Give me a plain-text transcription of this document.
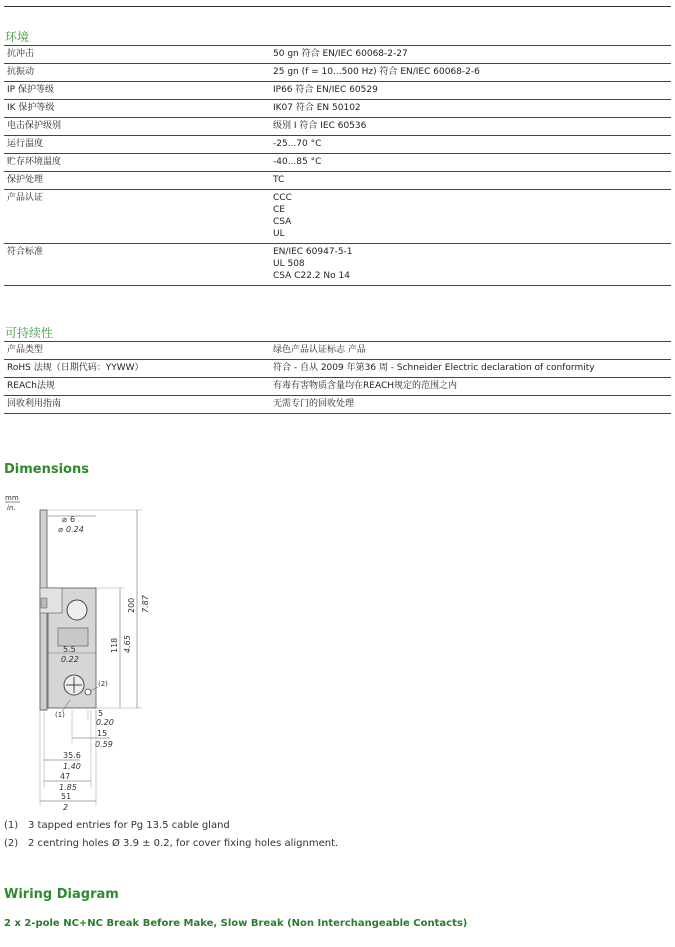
环境
抗冲击	50 gn 符合 EN/IEC 60068-2-27

抗振动	25 gn (f = 10...500 Hz) 符合 EN/IEC 60068-2-6

IP 保护等级	IP66 符合 EN/IEC 60529

IK 保护等级	IK07 符合 EN 50102

电击保护级别	级别 I 符合 IEC 60536

运行温度	-25...70 °C

贮存环境温度	-40...85 °C

保护处理	TC

产品认证	CCC
CE
CSA
UL

符合标准	EN/IEC 60947-5-1
UL 508
CSA C22.2 No 14
可持续性
产品类型	绿色产品认证标志 产品

RoHS 法规（日期代码：YYWW）	符合 - 自从 2009 年第36 周 - Schneider Electric declaration of conformity

REACh法规	有毒有害物质含量均在REACH规定的范围之内

回收利用指南	无需专门的回收处理
Dimensions
mm
in.
⌀ 6
⌀ 0.24
200 7.87
118 4.65
5.5
0.22
(1)
(2)
5
0.20
15
0.59
35.6
1.40
47
1.85
51
2
(1) 3 tapped entries for Pg 13.5 cable gland
(2) 2 centring holes Ø 3.9 ± 0.2, for cover fixing holes alignment.
Wiring Diagram
2 x 2-pole NC+NC Break Before Make, Slow Break (Non Interchangeable Contacts)
